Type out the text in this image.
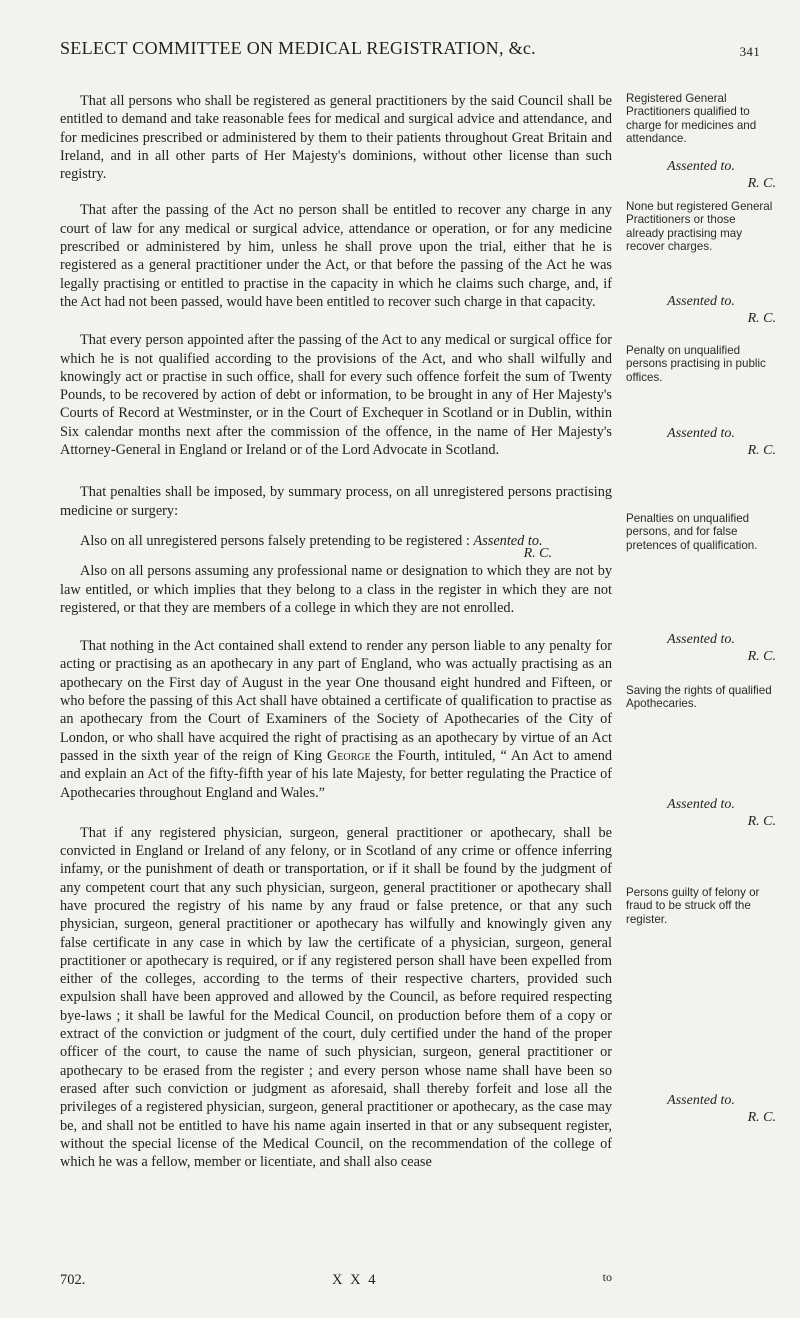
SELECT COMMITTEE ON MEDICAL REGISTRATION, &c.	341

That all persons who shall be registered as general practitioners by the said Council shall be entitled to demand and take reasonable fees for medical and surgical advice and attendance, and for medicines prescribed or administered by them to their patients throughout Great Britain and Ireland, and in all other parts of Her Majesty's dominions, without other license than such registry.

That after the passing of the Act no person shall be entitled to recover any charge in any court of law for any medical or surgical advice, attendance or operation, or for any medicine prescribed or administered by him, unless he shall prove upon the trial, either that he is registered as a general practitioner under the Act, or that before the passing of the Act he was legally practising or entitled to practise in the capacity in which he claims such charge, and, if the Act had not been passed, would have been entitled to recover such charge in that capacity.

That every person appointed after the passing of the Act to any medical or surgical office for which he is not qualified according to the provisions of the Act, and who shall wilfully and knowingly act or practise in such office, shall for every such offence forfeit the sum of Twenty Pounds, to be recovered by action of debt or information, to be brought in any of Her Majesty's Courts of Record at Westminster, or in the Court of Exchequer in Scotland or in Dublin, within Six calendar months next after the commission of the offence, in the name of Her Majesty's Attorney-General in England or Ireland or of the Lord Advocate in Scotland.

That penalties shall be imposed, by summary process, on all unregistered persons practising medicine or surgery:

Also on all unregistered persons falsely pretending to be registered : Assented to.

R. C.

Also on all persons assuming any professional name or designation to which they are not by law entitled, or which implies that they belong to a class in the register in which they are not registered, or that they are members of a college in which they are not enrolled.

That nothing in the Act contained shall extend to render any person liable to any penalty for acting or practising as an apothecary in any part of England, who was actually practising as an apothecary on the First day of August in the year One thousand eight hundred and Fifteen, or who before the passing of this Act shall have obtained a certificate of qualification to practise as an apothecary from the Court of Examiners of the Society of Apothecaries of the City of London, or who shall have acquired the right of practising as an apothecary by virtue of an Act passed in the sixth year of the reign of King George the Fourth, intituled, “ An Act to amend and explain an Act of the fifty-fifth year of his late Majesty, for better regulating the Practice of Apothecaries throughout England and Wales.”

That if any registered physician, surgeon, general practitioner or apothecary, shall be convicted in England or Ireland of any felony, or in Scotland of any crime or offence inferring infamy, or the punishment of death or transportation, or if it shall be found by the judgment of any competent court that any such physician, surgeon, general practitioner or apothecary shall have procured the registry of his name by any fraud or false pretence, or that any such physician, surgeon, general practitioner or apothecary has wilfully and knowingly given any false certificate in any case in which by law the certificate of a physician, surgeon, general practitioner or apothecary is required, or if any registered person shall have been expelled from either of the colleges, according to the terms of their respective charters, provided such expulsion shall have been approved and allowed by the Council, as before required respecting bye-laws ; it shall be lawful for the Medical Council, on production before them of a copy or extract of the conviction or judgment of the court, duly certified under the hand of the proper officer of the court, to cause the name of such physician, surgeon, general practitioner or apothecary to be erased from the register ; and every person whose name shall have been so erased after such conviction or judgment as aforesaid, shall thereby forfeit and lose all the privileges of a registered physician, surgeon, general practitioner or apothecary, as the case may be, and shall not be entitled to have his name again inserted in that or any subsequent register, without the special license of the Medical Council, on the recommendation of the college of which he was a fellow, member or licentiate, and shall also cease

Registered General Practitioners qualified to charge for medicines and attendance.
Assented to.
R. C.
None but registered General Practitioners or those already practising may recover charges.
Assented to.
R. C.
Penalty on unqualified persons practising in public offices.
Assented to.
R. C.
Penalties on unqualified persons, and for false pretences of qualification.
Assented to.
R. C.
Saving the rights of qualified Apothecaries.
Assented to.
R. C.
Persons guilty of felony or fraud to be struck off the register.
Assented to.
R. C.
702.	X X 4	to
